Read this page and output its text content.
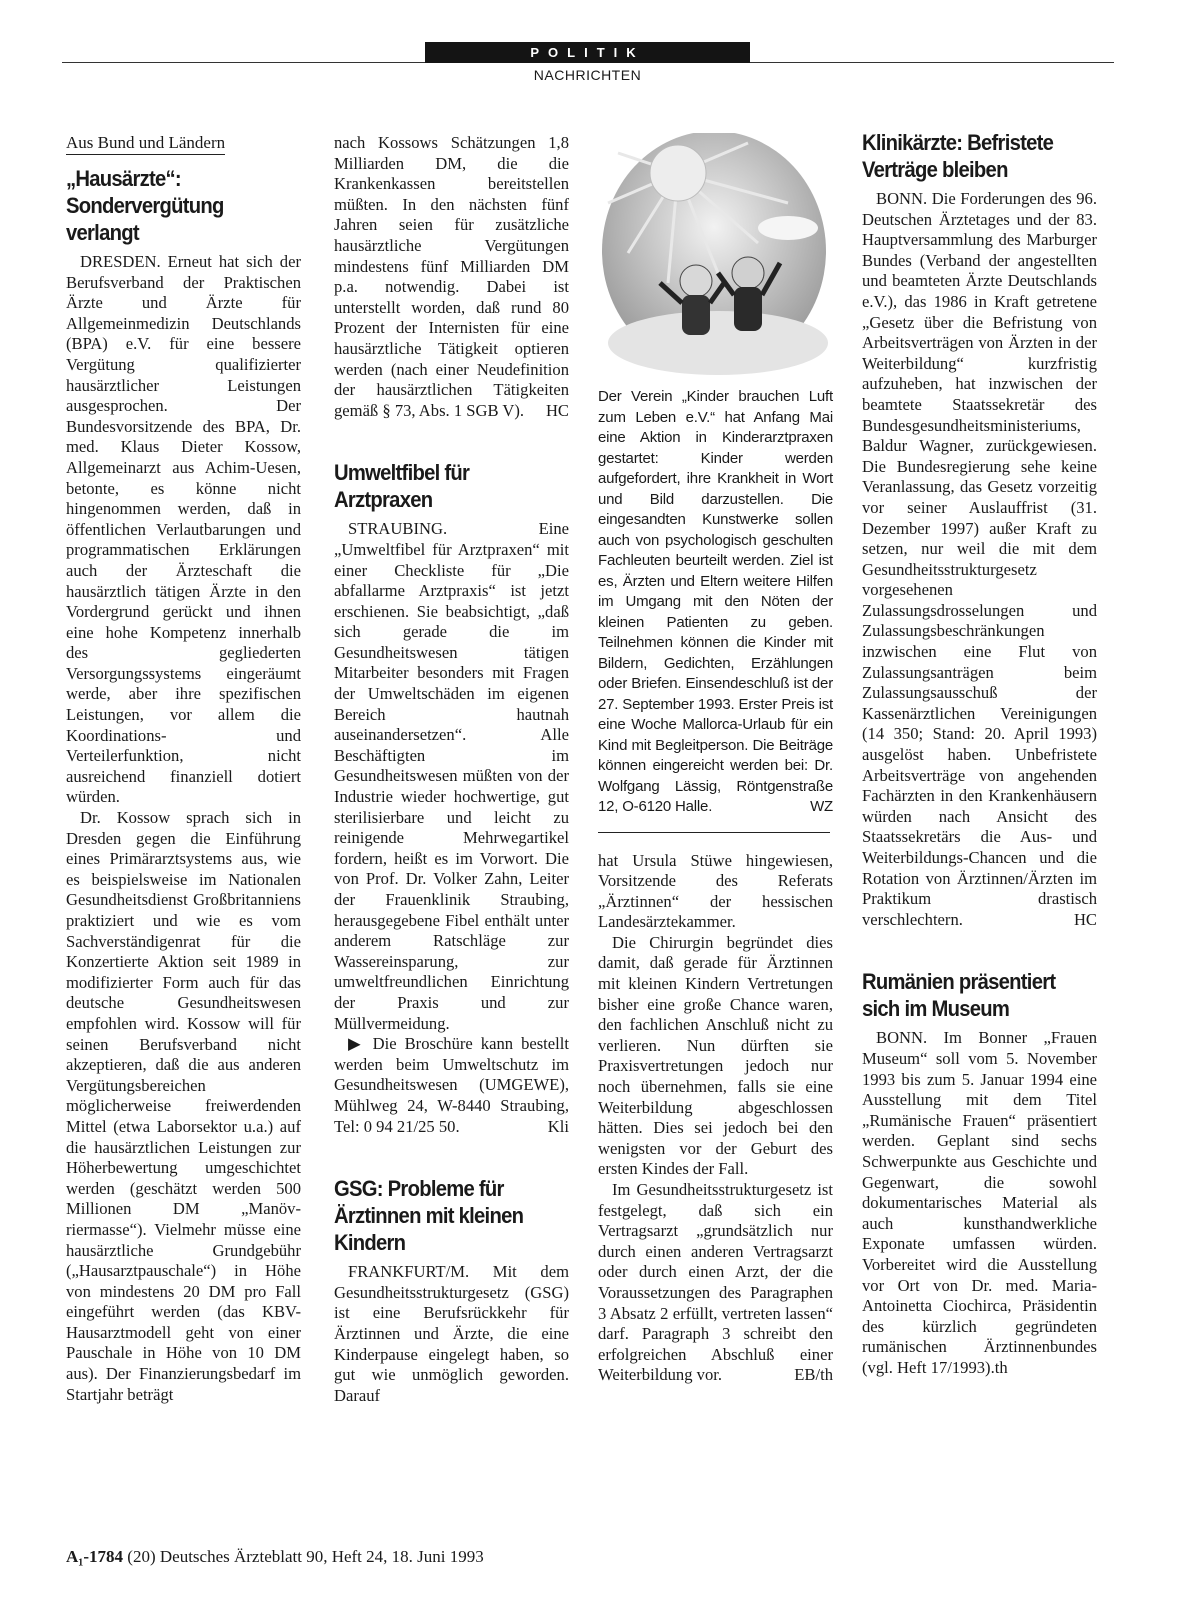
POLITIK
NACHRICHTEN
Aus Bund und Ländern
„Hausärzte“: Sondervergütung verlangt

DRESDEN. Erneut hat sich der Berufsverband der Praktischen Ärzte und Ärzte für Allgemeinmedizin Deutschlands (BPA) e.V. für eine bessere Vergütung qualifizierter hausärztlicher Leistungen ausgesprochen. Der Bundesvorsitzende des BPA, Dr. med. Klaus Dieter Kossow, Allgemeinarzt aus Achim-Uesen, betonte, es könne nicht hingenommen werden, daß in öffentlichen Verlautbarungen und programmatischen Erklärungen auch der Ärzteschaft die hausärztlich tätigen Ärzte in den Vordergrund gerückt und ihnen eine hohe Kompetenz innerhalb des gegliederten Versorgungssystems eingeräumt werde, aber ihre spezifischen Leistungen, vor allem die Koordinations- und Verteilerfunktion, nicht ausreichend finanziell dotiert würden.

Dr. Kossow sprach sich in Dresden gegen die Einführung eines Primärarztsystems aus, wie es beispielsweise im Nationalen Gesundheitsdienst Großbritanniens praktiziert und wie es vom Sachverständigenrat für die Konzertierte Aktion seit 1989 in modifizierter Form auch für das deutsche Gesundheitswesen empfohlen wird. Kossow will für seinen Berufsverband nicht akzeptieren, daß die aus anderen Vergütungsbereichen möglicherweise freiwerdenden Mittel (etwa Laborsektor u.a.) auf die hausärztlichen Leistungen zur Höherbewertung umgeschichtet werden (geschätzt werden 500 Millionen DM „Manövriermasse“). Vielmehr müsse eine hausärztliche Grundgebühr („Hausarztpauschale“) in Höhe von mindestens 20 DM pro Fall eingeführt werden (das KBV-Hausarztmodell geht von einer Pauschale in Höhe von 10 DM aus). Der Finanzierungsbedarf im Startjahr beträgt

nach Kossows Schätzungen 1,8 Milliarden DM, die die Krankenkassen bereitstellen müßten. In den nächsten fünf Jahren seien für zusätzliche hausärztliche Vergütungen mindestens fünf Milliarden DM p.a. notwendig. Dabei ist unterstellt worden, daß rund 80 Prozent der Internisten für eine hausärztliche Tätigkeit optieren werden (nach einer Neudefinition der hausärztlichen Tätigkeiten gemäß § 73, Abs. 1 SGB V). HC
Umweltfibel für Arztpraxen

STRAUBING. Eine „Umweltfibel für Arztpraxen“ mit einer Checkliste für „Die abfallarme Arztpraxis“ ist jetzt erschienen. Sie beabsichtigt, „daß sich gerade die im Gesundheitswesen tätigen Mitarbeiter besonders mit Fragen der Umweltschäden im eigenen Bereich hautnah auseinandersetzen“. Alle Beschäftigten im Gesundheitswesen müßten von der Industrie wieder hochwertige, gut sterilisierbare und leicht zu reinigende Mehrwegartikel fordern, heißt es im Vorwort. Die von Prof. Dr. Volker Zahn, Leiter der Frauenklinik Straubing, herausgegebene Fibel enthält unter anderem Ratschläge zur Wassereinsparung, zur umweltfreundlichen Einrichtung der Praxis und zur Müllvermeidung.

▶ Die Broschüre kann bestellt werden beim Umweltschutz im Gesundheitswesen (UMGEWE), Mühlweg 24, W-8440 Straubing, Tel: 0 94 21/25 50.	Kli

GSG: Probleme für Ärztinnen mit kleinen Kindern

FRANKFURT/M. Mit dem Gesundheitsstrukturgesetz (GSG) ist eine Berufsrückkehr für Ärztinnen und Ärzte, die eine Kinderpause eingelegt haben, so gut wie unmöglich geworden. Darauf

Der Verein „Kinder brauchen Luft zum Leben e.V.“ hat Anfang Mai eine Aktion in Kinderarztpraxen gestartet: Kinder werden aufgefordert, ihre Krankheit in Wort und Bild darzustellen. Die eingesandten Kunstwerke sollen auch von psychologisch geschulten Fachleuten beurteilt werden. Ziel ist es, Ärzten und Eltern weitere Hilfen im Umgang mit den Nöten der kleinen Patienten zu geben. Teilnehmen können die Kinder mit Bildern, Gedichten, Erzählungen oder Briefen. Einsendeschluß ist der 27. September 1993. Erster Preis ist eine Woche Mallorca-Urlaub für ein Kind mit Begleitperson. Die Beiträge können eingereicht werden bei: Dr. Wolfgang Lässig, Röntgenstraße 12, O-6120 Halle.	WZ

hat Ursula Stüwe hingewiesen, Vorsitzende des Referats „Ärztinnen“ der hessischen Landesärztekammer.

Die Chirurgin begründet dies damit, daß gerade für Ärztinnen mit kleinen Kindern Vertretungen bisher eine große Chance waren, den fachlichen Anschluß nicht zu verlieren. Nun dürften sie Praxisvertretungen jedoch nur noch übernehmen, falls sie eine Weiterbildung abgeschlossen hätten. Dies sei jedoch bei den wenigsten vor der Geburt des ersten Kindes der Fall.

Im Gesundheitsstrukturgesetz ist festgelegt, daß sich ein Vertragsarzt „grundsätzlich nur durch einen anderen Vertragsarzt oder durch einen Arzt, der die Voraussetzungen des Paragraphen 3 Absatz 2 erfüllt, vertreten lassen“ darf. Paragraph 3 schreibt den erfolgreichen Abschluß einer Weiterbildung vor.	EB/th

Klinikärzte: Befristete Verträge bleiben

BONN. Die Forderungen des 96. Deutschen Ärztetages und der 83. Hauptversammlung des Marburger Bundes (Verband der angestellten und beamteten Ärzte Deutschlands e.V.), das 1986 in Kraft getretene „Gesetz über die Befristung von Arbeitsverträgen von Ärzten in der Weiterbildung“ kurzfristig aufzuheben, hat inzwischen der beamtete Staatssekretär des Bundesgesundheitsministeriums, Baldur Wagner, zurückgewiesen. Die Bundesregierung sehe keine Veranlassung, das Gesetz vorzeitig vor seiner Auslauffrist (31. Dezember 1997) außer Kraft zu setzen, nur weil die mit dem Gesundheitsstrukturgesetz vorgesehenen Zulassungsdrosselungen und Zulassungsbeschränkungen inzwischen eine Flut von Zulassungsanträgen beim Zulassungsausschuß der Kassenärztlichen Vereinigungen (14 350; Stand: 20. April 1993) ausgelöst haben. Unbefristete Arbeitsverträge von angehenden Fachärzten in den Krankenhäusern würden nach Ansicht des Staatssekretärs die Aus- und Weiterbildungs-Chancen und die Rotation von Ärztinnen/Ärzten im Praktikum drastisch verschlechtern.	HC

Rumänien präsentiert sich im Museum

BONN. Im Bonner „Frauen Museum“ soll vom 5. November 1993 bis zum 5. Januar 1994 eine Ausstellung mit dem Titel „Rumänische Frauen“ präsentiert werden. Geplant sind sechs Schwerpunkte aus Geschichte und Gegenwart, die sowohl dokumentarisches Material als auch kunsthandwerkliche Exponate umfassen würden. Vorbereitet wird die Ausstellung vor Ort von Dr. med. Maria-Antoinetta Ciochirca, Präsidentin des kürzlich gegründeten rumänischen Ärztinnenbundes (vgl. Heft 17/1993).th

A₁-1784 (20) Deutsches Ärzteblatt 90, Heft 24, 18. Juni 1993
